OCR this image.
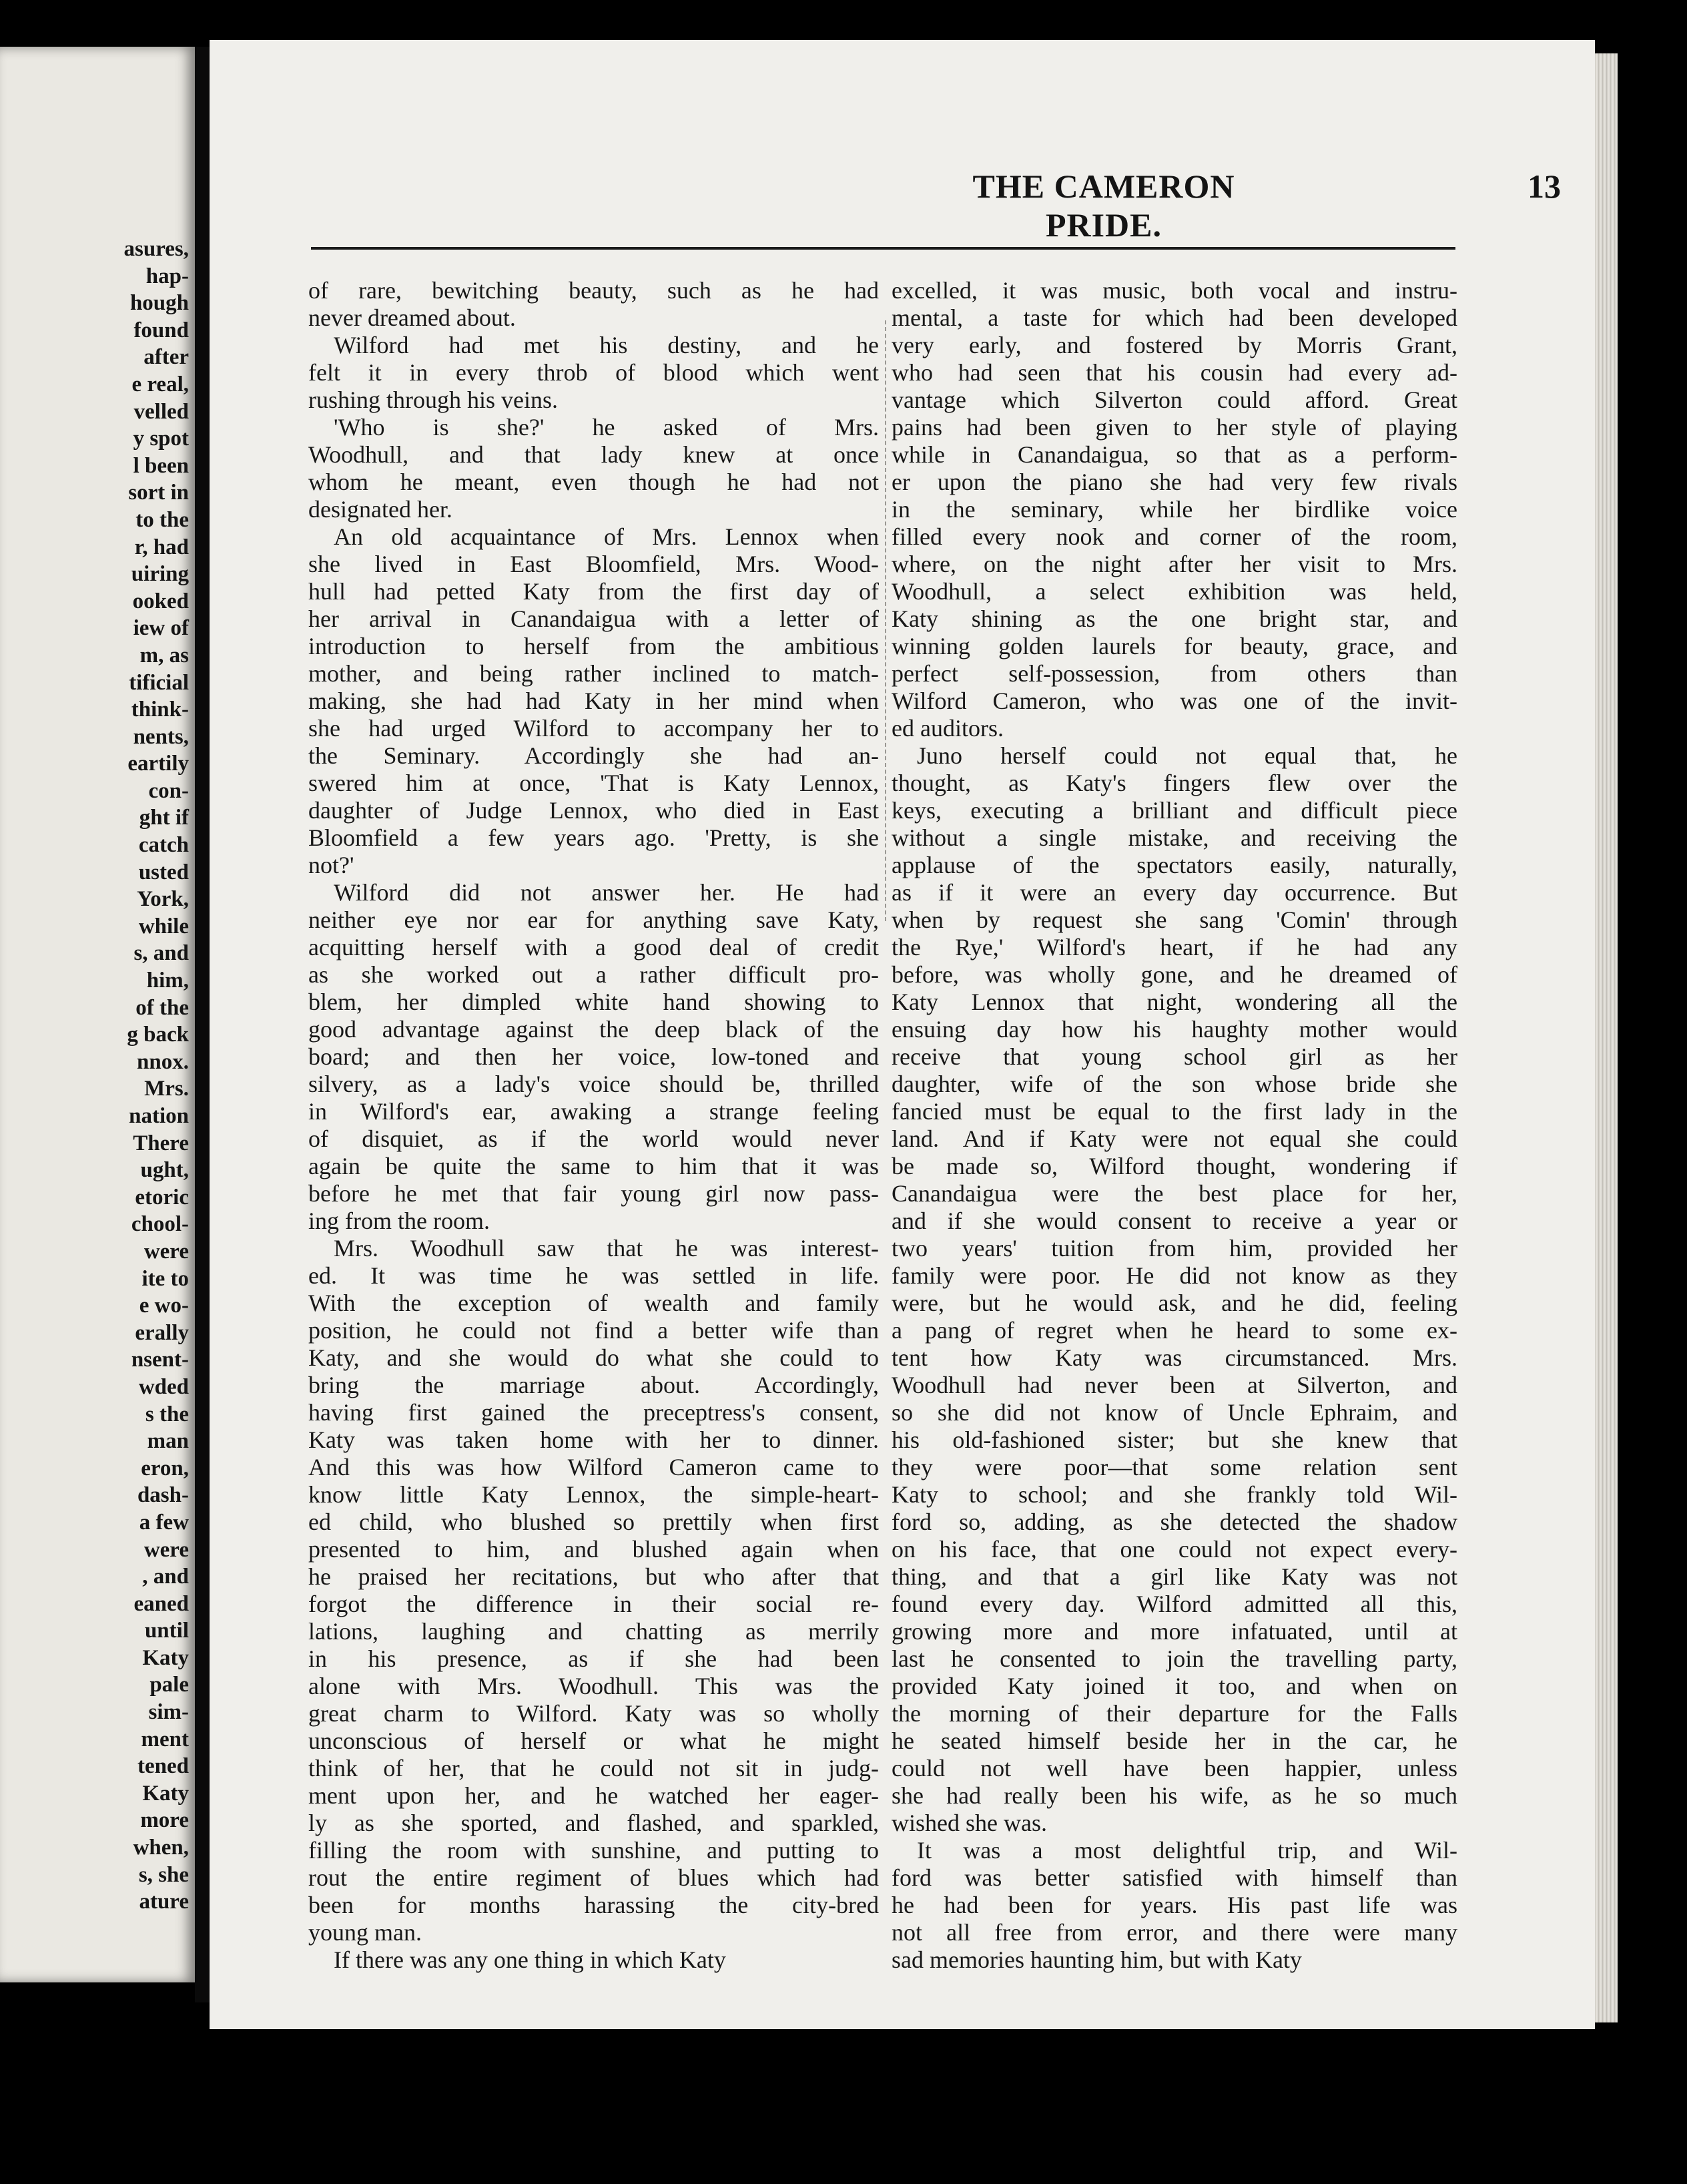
asures,
hap-
hough
found
after
e real,
velled
y spot
l been
sort in
to the
r, had
uiring
ooked
iew of
m, as
tificial
think-
nents,
eartily
con-
ght if
catch
usted
York,
while
s, and
him,
of the
g back
nnox.
Mrs.
nation
There
ught,
etoric
chool-
were
ite to
e wo-
erally
nsent-
wded
s the
man
eron,
dash-
a few
were
, and
eaned
until
Katy
pale
sim-
ment
tened
Katy
more
when,
s, she
ature
THE CAMERON PRIDE.
13

of rare, bewitching beauty, such as he had
never dreamed about.

Wilford had met his destiny, and he
felt it in every throb of blood which went
rushing through his veins.

'Who is she?' he asked of Mrs.
Woodhull, and that lady knew at once
whom he meant, even though he had not
designated her.

An old acquaintance of Mrs. Lennox when
she lived in East Bloomfield, Mrs. Wood-
hull had petted Katy from the first day of
her arrival in Canandaigua with a letter of
introduction to herself from the ambitious
mother, and being rather inclined to match-
making, she had had Katy in her mind when
she had urged Wilford to accompany her to
the Seminary. Accordingly she had an-
swered him at once, 'That is Katy Lennox,
daughter of Judge Lennox, who died in East
Bloomfield a few years ago. 'Pretty, is she
not?'

Wilford did not answer her. He had
neither eye nor ear for anything save Katy,
acquitting herself with a good deal of credit
as she worked out a rather difficult pro-
blem, her dimpled white hand showing to
good advantage against the deep black of the
board; and then her voice, low-toned and
silvery, as a lady's voice should be, thrilled
in Wilford's ear, awaking a strange feeling
of disquiet, as if the world would never
again be quite the same to him that it was
before he met that fair young girl now pass-
ing from the room.

Mrs. Woodhull saw that he was interest-
ed. It was time he was settled in life.
With the exception of wealth and family
position, he could not find a better wife than
Katy, and she would do what she could to
bring the marriage about. Accordingly,
having first gained the preceptress's consent,
Katy was taken home with her to dinner.
And this was how Wilford Cameron came to
know little Katy Lennox, the simple-heart-
ed child, who blushed so prettily when first
presented to him, and blushed again when
he praised her recitations, but who after that
forgot the difference in their social re-
lations, laughing and chatting as merrily
in his presence, as if she had been
alone with Mrs. Woodhull. This was the
great charm to Wilford. Katy was so wholly
unconscious of herself or what he might
think of her, that he could not sit in judg-
ment upon her, and he watched her eager-
ly as she sported, and flashed, and sparkled,
filling the room with sunshine, and putting to
rout the entire regiment of blues which had
been for months harassing the city-bred
young man.

If there was any one thing in which Katy

excelled, it was music, both vocal and instru-
mental, a taste for which had been developed
very early, and fostered by Morris Grant,
who had seen that his cousin had every ad-
vantage which Silverton could afford. Great
pains had been given to her style of playing
while in Canandaigua, so that as a perform-
er upon the piano she had very few rivals
in the seminary, while her birdlike voice
filled every nook and corner of the room,
where, on the night after her visit to Mrs.
Woodhull, a select exhibition was held,
Katy shining as the one bright star, and
winning golden laurels for beauty, grace, and
perfect self-possession, from others than
Wilford Cameron, who was one of the invit-
ed auditors.

Juno herself could not equal that, he
thought, as Katy's fingers flew over the
keys, executing a brilliant and difficult piece
without a single mistake, and receiving the
applause of the spectators easily, naturally,
as if it were an every day occurrence. But
when by request she sang 'Comin' through
the Rye,' Wilford's heart, if he had any
before, was wholly gone, and he dreamed of
Katy Lennox that night, wondering all the
ensuing day how his haughty mother would
receive that young school girl as her
daughter, wife of the son whose bride she
fancied must be equal to the first lady in the
land. And if Katy were not equal she could
be made so, Wilford thought, wondering if
Canandaigua were the best place for her,
and if she would consent to receive a year or
two years' tuition from him, provided her
family were poor. He did not know as they
were, but he would ask, and he did, feeling
a pang of regret when he heard to some ex-
tent how Katy was circumstanced. Mrs.
Woodhull had never been at Silverton, and
so she did not know of Uncle Ephraim, and
his old-fashioned sister; but she knew that
they were poor—that some relation sent
Katy to school; and she frankly told Wil-
ford so, adding, as she detected the shadow
on his face, that one could not expect every-
thing, and that a girl like Katy was not
found every day. Wilford admitted all this,
growing more and more infatuated, until at
last he consented to join the travelling party,
provided Katy joined it too, and when on
the morning of their departure for the Falls
he seated himself beside her in the car, he
could not well have been happier, unless
she had really been his wife, as he so much
wished she was.

It was a most delightful trip, and Wil-
ford was better satisfied with himself than
he had been for years. His past life was
not all free from error, and there were many
sad memories haunting him, but with Katy
